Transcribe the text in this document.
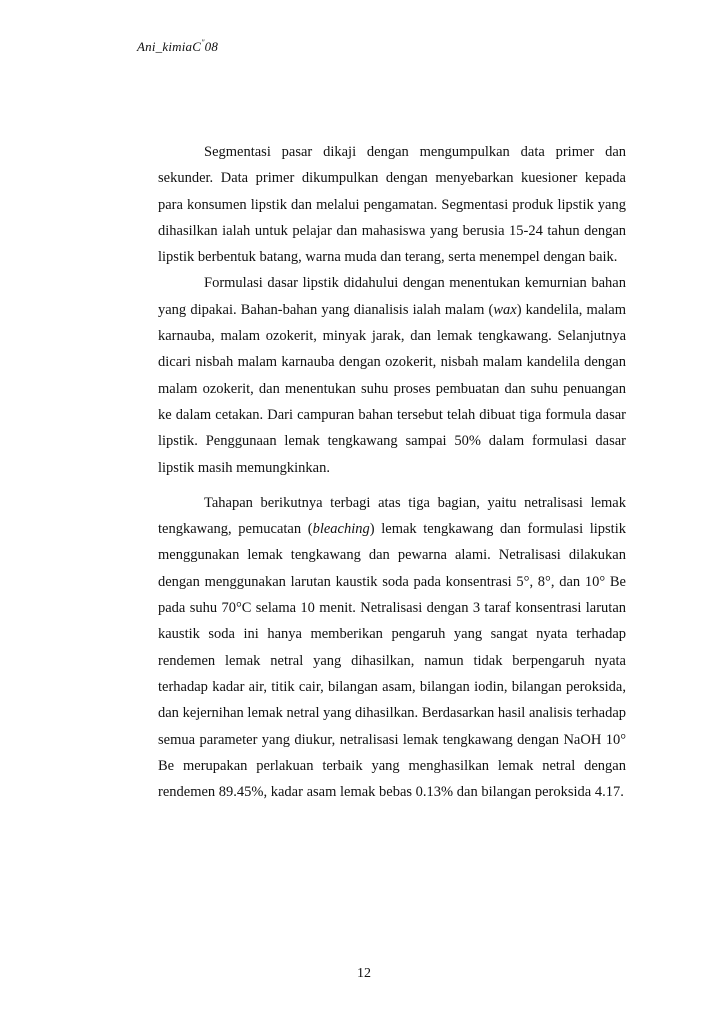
Ani_kimiaC"08

Segmentasi pasar dikaji dengan mengumpulkan data primer dan sekunder. Data primer dikumpulkan dengan menyebarkan kuesioner kepada para konsumen lipstik dan melalui pengamatan. Segmentasi produk lipstik yang dihasilkan ialah untuk pelajar dan mahasiswa yang berusia 15-24 tahun dengan lipstik berbentuk batang, warna muda dan terang, serta menempel dengan baik.

Formulasi dasar lipstik didahului dengan menentukan kemurnian bahan yang dipakai. Bahan-bahan yang dianalisis ialah malam (wax) kandelila, malam karnauba, malam ozokerit, minyak jarak, dan lemak tengkawang. Selanjutnya dicari nisbah malam karnauba dengan ozokerit, nisbah malam kandelila dengan malam ozokerit, dan menentukan suhu proses pembuatan dan suhu penuangan ke dalam cetakan. Dari campuran bahan tersebut telah dibuat tiga formula dasar lipstik. Penggunaan lemak tengkawang sampai 50% dalam formulasi dasar lipstik masih memungkinkan.

Tahapan berikutnya terbagi atas tiga bagian, yaitu netralisasi lemak tengkawang, pemucatan (bleaching) lemak tengkawang dan formulasi lipstik menggunakan lemak tengkawang dan pewarna alami. Netralisasi dilakukan dengan menggunakan larutan kaustik soda pada konsentrasi 5°, 8°, dan 10° Be pada suhu 70°C selama 10 menit. Netralisasi dengan 3 taraf konsentrasi larutan kaustik soda ini hanya memberikan pengaruh yang sangat nyata terhadap rendemen lemak netral yang dihasilkan, namun tidak berpengaruh nyata terhadap kadar air, titik cair, bilangan asam, bilangan iodin, bilangan peroksida, dan kejernihan lemak netral yang dihasilkan. Berdasarkan hasil analisis terhadap semua parameter yang diukur, netralisasi lemak tengkawang dengan NaOH 10° Be merupakan perlakuan terbaik yang menghasilkan lemak netral dengan rendemen 89.45%, kadar asam lemak bebas 0.13% dan bilangan peroksida 4.17.

12
